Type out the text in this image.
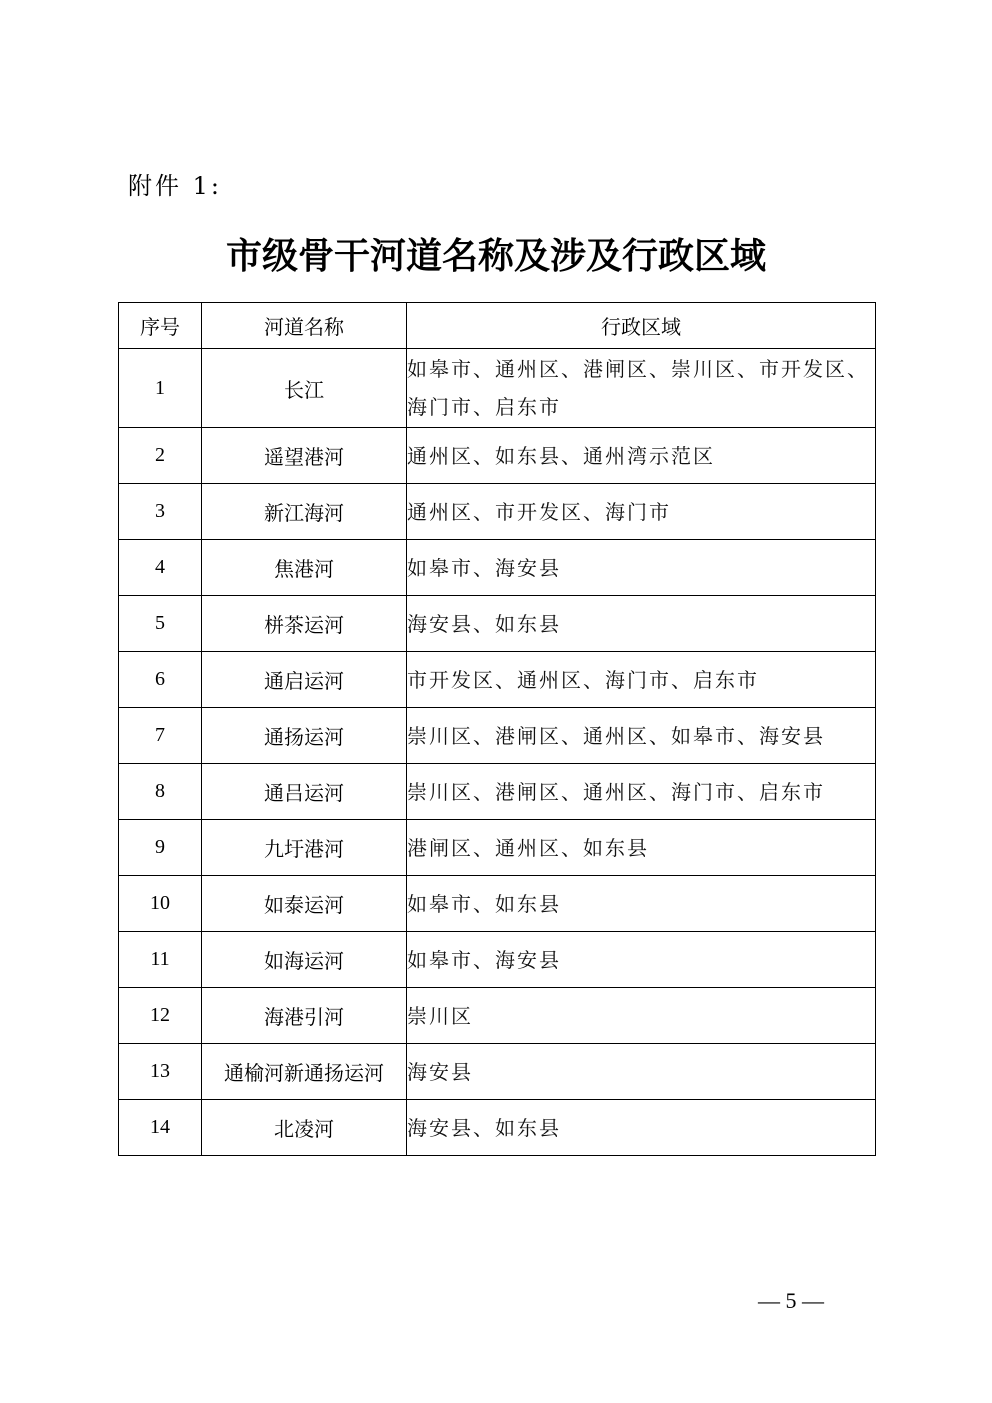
附件 1:
市级骨干河道名称及涉及行政区域
序号	河道名称	行政区域
1	长江	如皋市、通州区、港闸区、崇川区、市开发区、海门市、启东市
2	遥望港河	通州区、如东县、通州湾示范区
3	新江海河	通州区、市开发区、海门市
4	焦港河	如皋市、海安县
5	栟茶运河	海安县、如东县
6	通启运河	市开发区、通州区、海门市、启东市
7	通扬运河	崇川区、港闸区、通州区、如皋市、海安县
8	通吕运河	崇川区、港闸区、通州区、海门市、启东市
9	九圩港河	港闸区、通州区、如东县
10	如泰运河	如皋市、如东县
11	如海运河	如皋市、海安县
12	海港引河	崇川区
13	通榆河新通扬运河	海安县
14	北凌河	海安县、如东县
— 5 —
